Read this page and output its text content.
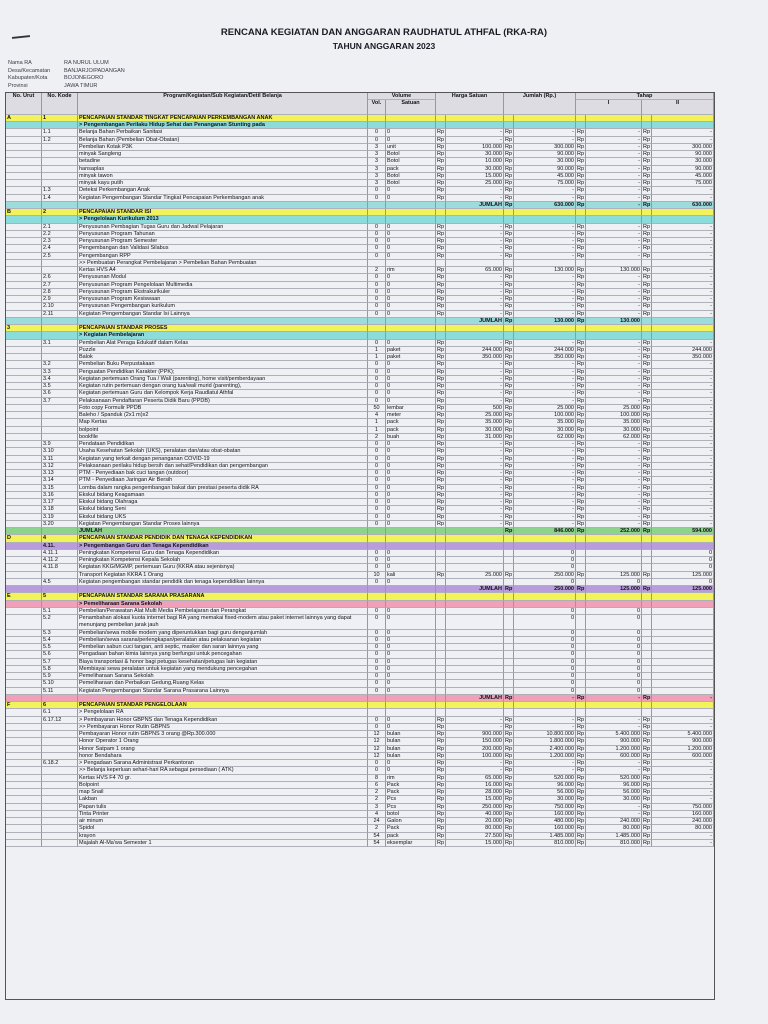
RENCANA KEGIATAN DAN ANGGARAN RAUDHATUL ATHFAL (RKA-RA)
TAHUN ANGGARAN 2023
Nama RA	RA NURUL ULUM
Desa/Kecamatan	BANJARJO/PADANGAN
Kabupaten/Kota	BOJONEGORO
Provinsi	JAWA TIMUR
No. Urut	No. Kode	Program/Kegiatan/Sub Kegiatan/Detil Belanja	Volume
Vol.	Satuan
Harga Satuan	Jumlah (Rp.)	Tahap
I	II
A	1	PENCAPAIAN STANDAR TINGKAT PENCAPAIAN PERKEMBANGAN ANAK
> Pengembangan Perilaku Hidup Sehat dan Penanganan Stunting pada
1.1	Belanja Bahan Perbaikan Sanitasi	0	0	Rp	- Rp	- Rp	- Rp	-
1.2	Belanja Bahan (Pembelian Obat-Obatan)	0	0	Rp	- Rp	- Rp	- Rp	-
Pembelian Kotak P3K	3	unit	Rp	100.000 Rp	300.000 Rp	- Rp	300.000
minyak Sangleng	3	Botol	Rp	30.000 Rp	90.000 Rp	- Rp	90.000
betadine	3	Botol	Rp	10.000 Rp	30.000 Rp	- Rp	30.000
hansaplas	3	pack	Rp	30.000 Rp	90.000 Rp	- Rp	90.000
minyak tawon	3	Botol	Rp	15.000 Rp	45.000 Rp	- Rp	45.000
minyak kayu putih	3	Botol	Rp	25.000 Rp	75.000 Rp	- Rp	75.000
1.3	Deteksi Perkembangan Anak	0	0	Rp	- Rp	- Rp	- Rp	-
1.4	Kegiatan Pengembangan Standar Tingkat Pencapaian Perkembangan anak	0	0	Rp	- Rp	- Rp	- Rp	-
JUMLAH Rp	630.000 Rp	- Rp	630.000
B	2	PENCAPAIAN STANDAR ISI
> Pengelolaan Kurikulum 2013
2.1	Penyusunan Pembagian Tugas Guru dan Jadwal Pelajaran	0	0	Rp	- Rp	- Rp	- Rp	-
2.2	Penyusunan Program Tahunan	0	0	Rp	- Rp	- Rp	- Rp	-
2.3	Penyusunan Program Semester	0	0	Rp	- Rp	- Rp	- Rp	-
2.4	Pengembangan dan Validasi Silabus	0	0	Rp	- Rp	- Rp	- Rp	-
2.5	Pengembangan RPP	0	0	Rp	- Rp	- Rp	- Rp	-
>> Pembuatan Perangkat Pembelajaran > Pembelian Bahan Pembuatan
Kertas HVS A4	2	rim	Rp	65.000 Rp	130.000 Rp	130.000 Rp	-
2.6	Penyusunan Modul	0	0	Rp	- Rp	- Rp	- Rp	-
2.7	Penyusunan Program Pengelolaan Multimedia	0	0	Rp	- Rp	- Rp	- Rp	-
2.8	Penyusunan Program Ekstrakurikuler	0	0	Rp	- Rp	- Rp	- Rp	-
2.9	Penyusunan Program Kesiswaan	0	0	Rp	- Rp	- Rp	- Rp	-
2.10	Penyusunan Pengembangan kurikulum	0	0	Rp	- Rp	- Rp	- Rp	-
2.11	Kegiatan Pengembangan Standar Isi Lainnya	0	0	Rp	- Rp	- Rp	- Rp	-
JUMLAH Rp	130.000 Rp	130.000
3	PENCAPAIAN STANDAR PROSES
> Kegiatan Pembelajaran
3.1	Pembelian Alat Peraga Edukatif dalam Kelas	0	0	Rp	- Rp	- Rp	- Rp	-
Puzzle	1	paket	Rp	244.000 Rp	244.000 Rp	- Rp	244.000
Balok	1	paket	Rp	350.000 Rp	350.000 Rp	- Rp	350.000
3.2	Pembelian Buku Perpustakaan	0	0	Rp	- Rp	- Rp	- Rp	-
3.3	Penguatan Pendidikan Karakter (PPK);	0	0	Rp	- Rp	- Rp	- Rp	-
3.4	Kegiatan pertemuan Orang Tua / Wali (parenting), home visit/pemberdayaan	0	0	Rp	- Rp	- Rp	- Rp	-
3.5	Kegiatan rutin pertemuan dengan orang tua/wali murid (parenting),	0	0	Rp	- Rp	- Rp	- Rp	-
3.6	Kegiatan pertemuan Guru dan Kelompok Kerja Raudlatul Athfal	0	0	Rp	- Rp	- Rp	- Rp	-
3.7	Pelaksanaan Pendaftaran Peserta Didik Baru (PPDB)	0	0	Rp	- Rp	- Rp	- Rp	-
Foto copy Formulir PPDB	50	lembar	Rp	500 Rp	25.000 Rp	25.000 Rp	-
Baleho / Spanduk (2x1 m)x2	4	meter	Rp	25.000 Rp	100.000 Rp	100.000 Rp	-
Map Kertas	1	pack	Rp	35.000 Rp	35.000 Rp	35.000 Rp	-
bolpoint	1	pack	Rp	30.000 Rp	30.000 Rp	30.000 Rp	-
bookfile	2	buah	Rp	31.000 Rp	62.000 Rp	62.000 Rp	-
3.9	Pendataan Pendidikan	0	0	Rp	- Rp	- Rp	- Rp	-
3.10	Usaha Kesehatan Sekolah (UKS), peralatan dan/atau obat-obatan	0	0	Rp	- Rp	- Rp	- Rp	-
3.11	Kegiatan yang terkait dengan penanganan COVID-19	0	0	Rp	- Rp	- Rp	- Rp	-
3.12	Pelaksanaan perilaku hidup bersih dan sehat/Pendidikan dan pengembangan	0	0	Rp	- Rp	- Rp	- Rp	-
3.13	PTM - Penyediaan bak cuci tangan (outdoor)	0	0	Rp	- Rp	- Rp	- Rp	-
3.14	PTM - Penyediaan Jaringan Air Bersih	0	0	Rp	- Rp	- Rp	- Rp	-
3.15	Lomba dalam rangka pengembangan bakat dan prestasi peserta didik RA	0	0	Rp	- Rp	- Rp	- Rp	-
3.16	Ekskul bidang Keagamaan	0	0	Rp	- Rp	- Rp	- Rp	-
3.17	Ekskul bidang Olahraga	0	0	Rp	- Rp	- Rp	- Rp	-
3.18	Ekskul bidang Seni	0	0	Rp	- Rp	- Rp	- Rp	-
3.19	Ekskul bidang UKS	0	0	Rp	- Rp	- Rp	- Rp	-
3.20	Kegiatan Pengembangan Standar Proses lainnya	0	0	Rp	- Rp	- Rp	- Rp	-
JUMLAH	Rp	846.000 Rp	252.000 Rp	594.000
D	4	PENCAPAIAN STANDAR PENDIDIK DAN TENAGA KEPENDIDIKAN
4.11.	> Pengembangan Guru dan Tenaga Kependidikan
4.11.1	Peningkatan Kompetensi Guru dan Tenaga Kependidikan	0	0	0	0
4.11.2	Peningkatan Kompetensi Kepala Sekolah	0	0	0	0
4.11.8	Kegiatan KKG/MGMP, pertemuan Guru (KKRA atau sejenisnya)	0	0	0	0
Transport Kegiatan KKRA 1 Orang	10	kali	Rp	25.000 Rp	250.000 Rp	125.000 Rp	125.000
4.5	Kegiatan pengembangan standar pendidik dan tenaga kependidikan lainnya	0	0	0	0	0
JUMLAH Rp	250.000 Rp	125.000 Rp	125.000
E	5	PENCAPAIAN STANDAR SARANA PRASARANA
> Pemeliharaan Sarana Sekolah
5.1	Pembelian/Perawatan Alat Multi Media Pembelajaran dan Perangkat	0	0	0	0
5.2	Penambahan alokasi kuota internet bagi RA yang memakai fixed-modem atau paket internet lainnya yang dapat menunjang pembelian jarak jauh
0	0	0	0
5.3	Pembelian/sewa mobile modem yang diperuntukkan bagi guru denganjumlah	0	0	0	0
5.4	Pembelian/sewa sarana/perlengkapan/peralatan atau pelaksanan kegiatan	0	0	0	0
5.5	Pembelian sabun cuci tangan, anti septic, masker dan saran lainnya yang	0	0	0	0
5.6	Pengadaan bahan kimia lainnya yang berfungsi untuk pencegahan	0	0	0	0
5.7	Biaya transportasi & honor bagi petugas kesehatan/petugas lain kegiatan	0	0	0	0
5.8	Membiayai sewa peralatan untuk kegiatan yang mendukung pencegahan	0	0	0	0
5.9	Pemeliharaan Sarana Sekolah	0	0	0	0
5.10	Pemeliharaan dan Perbaikan Gedung,Ruang Kelas	0	0	0	0
5.11	Kegiatan Pengembangan Standar Sarana Prasarana Lainnya	0	0	0	0
JUMLAH Rp	- Rp	- Rp	-
F	6	PENCAPAIAN STANDAR PENGELOLAAN
6.1	> Pengelolaan RA
6.17.12	> Pembayaran Honor GBPNS dan Tenaga Kependidikan	0	0	Rp	- Rp	- Rp	- Rp	-
>> Pembayaran Honor Rutin GBPNS	0	0	Rp	- Rp	- Rp	- Rp	-
Pembayaran Honor rutin GBPNS 3 orang @Rp.300.000	12	bulan	Rp	900.000 Rp	10.800.000 Rp	5.400.000 Rp	5.400.000
Honor Operator 1 Orang	12	bulan	Rp	150.000 Rp	1.800.000 Rp	900.000 Rp	900.000
Honor Satpam 1 orang	12	bulan	Rp	200.000 Rp	2.400.000 Rp	1.200.000 Rp	1.200.000
honor Bendahara	12	bulan	Rp	100.000 Rp	1.200.000 Rp	600.000 Rp	600.000
6.18.2	> Pengadaan Sarana Administrasi Perkantoran	0	0	Rp	- Rp	- Rp	- Rp	-
>> Belanja keperluan sehari-hari RA sebagai persediaan ( ATK)	0	0	Rp	- Rp	- Rp	- Rp	-
Kertas HVS F4 70 gr.	8	rim	Rp	65.000 Rp	520.000 Rp	520.000 Rp	-
Bolpoint	6	Pack	Rp	16.000 Rp	96.000 Rp	96.000 Rp	-
map Snail	2	Pack	Rp	28.000 Rp	56.000 Rp	56.000 Rp	-
Lakban	2	Pcs	Rp	15.000 Rp	30.000 Rp	30.000 Rp	-
Papan tulis	3	Pcs	Rp	250.000 Rp	750.000 Rp	- Rp	750.000
Tinta Printer	4	botol	Rp	40.000 Rp	160.000 Rp	- Rp	160.000
air minum	24	Galon	Rp	20.000 Rp	480.000 Rp	240.000 Rp	240.000
Spidol	2	Pack	Rp	80.000 Rp	160.000 Rp	80.000 Rp	80.000
krayon	54	pack	Rp	27.500 Rp	1.485.000 Rp	1.485.000 Rp	-
Majalah Al-Ma'wa Semester 1	54	eksemplar	Rp	15.000 Rp	810.000 Rp	810.000 Rp	-
